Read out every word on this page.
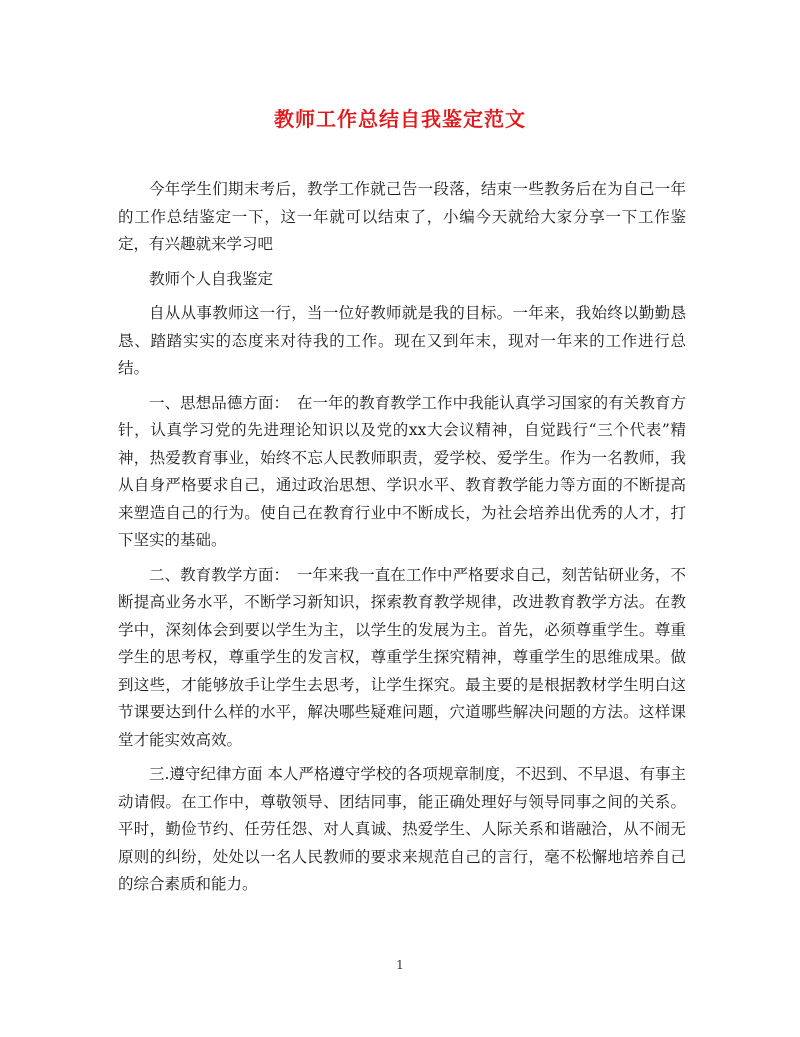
教师工作总结自我鉴定范文

今年学生们期末考后，教学工作就己告一段落，结束一些教务后在为自己一年的工作总结鉴定一下，这一年就可以结束了，小编今天就给大家分享一下工作鉴定，有兴趣就来学习吧

教师个人自我鉴定

自从从事教师这一行，当一位好教师就是我的目标。一年来，我始终以勤勤恳恳、踏踏实实的态度来对待我的工作。现在又到年末，现对一年来的工作进行总结。

一、思想品德方面：　在一年的教育教学工作中我能认真学习国家的有关教育方针，认真学习党的先进理论知识以及党的xx大会议精神，自觉践行“三个代表”精神，热爱教育事业，始终不忘人民教师职责，爱学校、爱学生。作为一名教师，我从自身严格要求自己，通过政治思想、学识水平、教育教学能力等方面的不断提高来塑造自己的行为。使自己在教育行业中不断成长，为社会培养出优秀的人才，打下坚实的基础。

二、教育教学方面：　一年来我一直在工作中严格要求自己，刻苦钻研业务，不断提高业务水平，不断学习新知识，探索教育教学规律，改进教育教学方法。在教学中，深刻体会到要以学生为主，以学生的发展为主。首先，必须尊重学生。尊重学生的思考权，尊重学生的发言权，尊重学生探究精神，尊重学生的思维成果。做到这些，才能够放手让学生去思考，让学生探究。最主要的是根据教材学生明白这节课要达到什么样的水平，解决哪些疑难问题，穴道哪些解决问题的方法。这样课堂才能实效高效。

三.遵守纪律方面 本人严格遵守学校的各项规章制度，不迟到、不早退、有事主动请假。在工作中，尊敬领导、团结同事，能正确处理好与领导同事之间的关系。平时，勤俭节约、任劳任怨、对人真诚、热爱学生、人际关系和谐融洽，从不闹无原则的纠纷，处处以一名人民教师的要求来规范自己的言行，毫不松懈地培养自己的综合素质和能力。

1
